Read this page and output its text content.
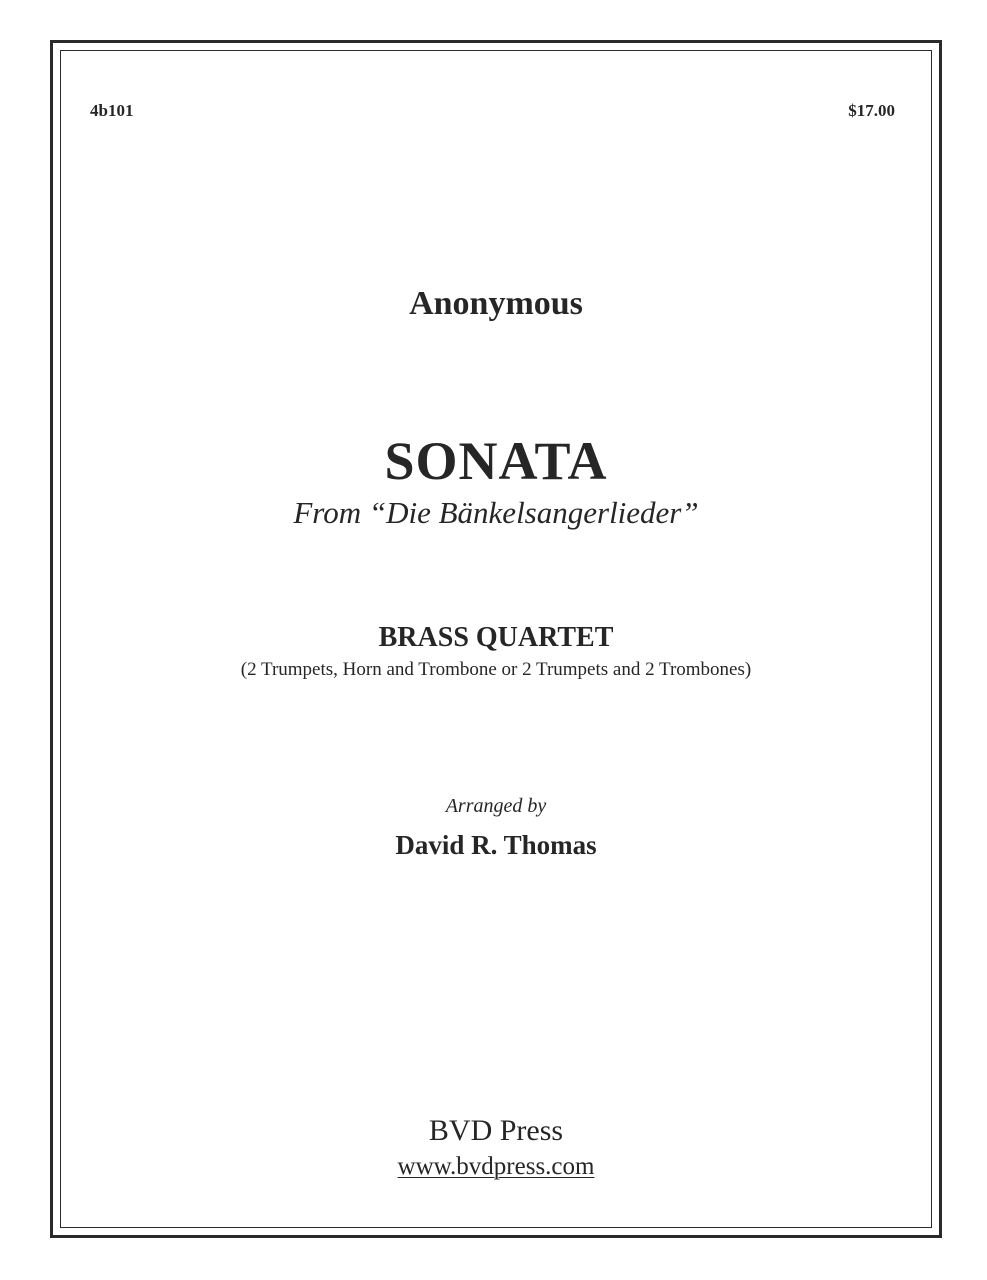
4b101	$17.00
Anonymous
SONATA
From “Die Bänkelsangerlieder”
BRASS QUARTET
(2 Trumpets, Horn and Trombone or 2 Trumpets and 2 Trombones)
Arranged by
David R. Thomas
BVD Press
www.bvdpress.com
